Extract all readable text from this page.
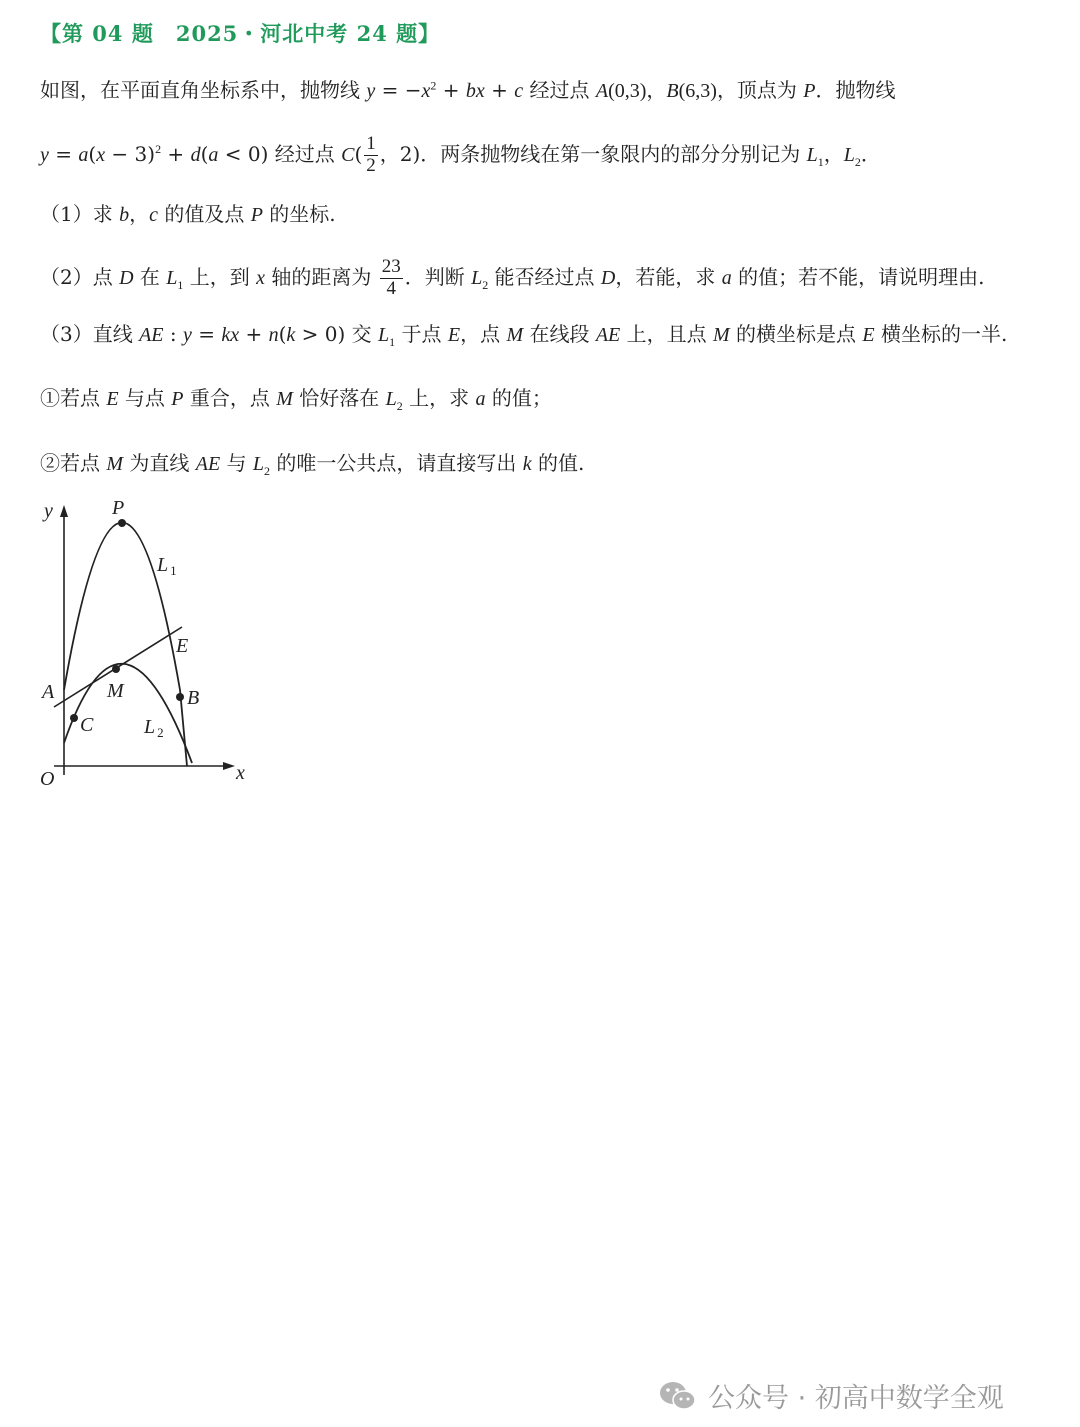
【第 04 题　2025・河北中考 24 题】
如图，在平面直角坐标系中，抛物线 $y = -x^2$ + bx + c 经过点 A(0,3)，B(6,3)，顶点为 P．抛物线
$y = a(x - 3)^2 + d(a < 0)$ 经过点 $C( \frac{1}{2}$ ，2)．两条抛物线在第一象限内的部分分别记为 $L_1$，$L_2$．
（1）求 b，c 的值及点 P 的坐标.
（2）点 D 在 $L_1$ 上，到 x 轴的距离为 $\frac{23}{4}$ ．判断 $L_2$ 能否经过点 D，若能，求 a 的值；若不能，请说明理由.
（3）直线 AE : y = kx + n(k > 0) 交 $L_1$ 于点 E，点 M 在线段 AE 上，且点 M 的横坐标是点 E 横坐标的一半.
①若点 E 与点 P 重合，点 M 恰好落在 $L_2$ 上，求 a 的值；
②若点 M 为直线 AE 与 $L_2$ 的唯一公共点，请直接写出 k 的值.
y
x
O
P
L $_1$
E
A	M	B
C	L $_2$
公众号 · 初高中数学全观
